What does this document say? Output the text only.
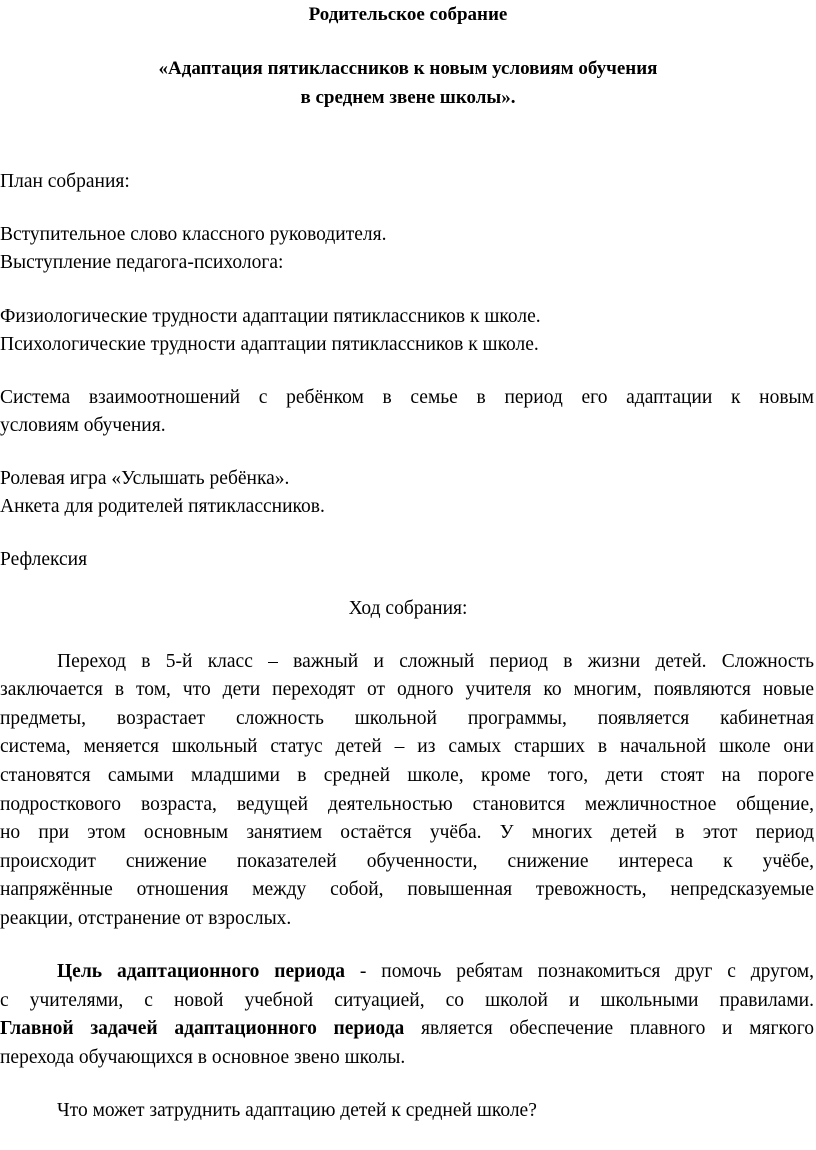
Родительское собрание
«Адаптация пятиклассников к новым условиям обучения
в среднем звене школы».
План собрания:
Вступительное слово классного руководителя.
Выступление педагога-психолога:
Физиологические трудности адаптации пятиклассников к школе.
Психологические трудности адаптации пятиклассников к школе.
Система взаимоотношений с ребёнком в семье в период его адаптации к новым
условиям обучения.
Ролевая игра «Услышать ребёнка».
Анкета для родителей пятиклассников.
Рефлексия
Ход собрания:
Переход в 5-й класс – важный и сложный период в жизни детей. Сложность
заключается в том, что дети переходят от одного учителя ко многим, появляются новые
предметы, возрастает сложность школьной программы, появляется кабинетная
система, меняется школьный статус детей – из самых старших в начальной школе они
становятся самыми младшими в средней школе, кроме того, дети стоят на пороге
подросткового возраста, ведущей деятельностью становится межличностное общение,
но при этом основным занятием остаётся учёба. У многих детей в этот период
происходит снижение показателей обученности, снижение интереса к учёбе,
напряжённые отношения между собой, повышенная тревожность, непредсказуемые
реакции, отстранение от взрослых.
Цель адаптационного периода - помочь ребятам познакомиться друг с другом,
с учителями, с новой учебной ситуацией, со школой и школьными правилами.
Главной задачей адаптационного периода является обеспечение плавного и мягкого
перехода обучающихся в основное звено школы.
Что может затруднить адаптацию детей к средней школе?
